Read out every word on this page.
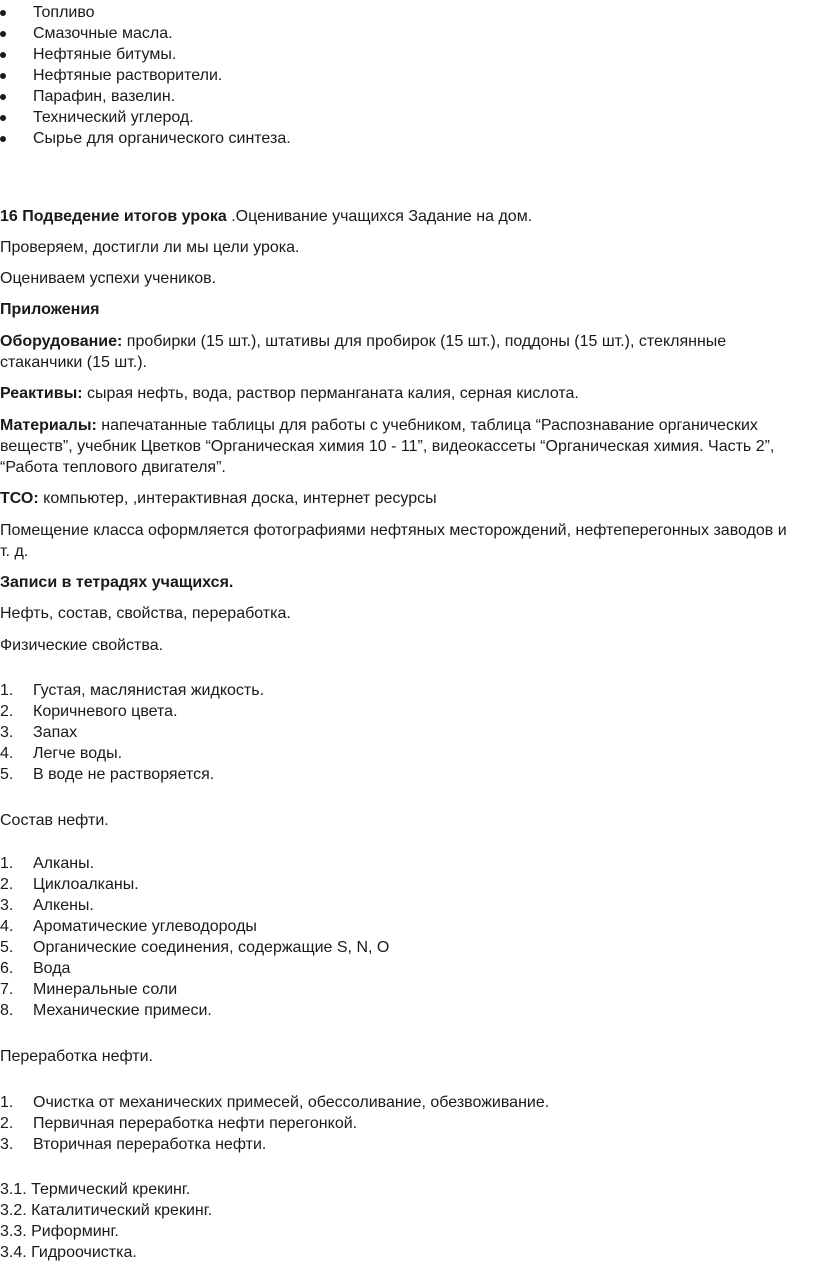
Топливо
Смазочные масла.
Нефтяные битумы.
Нефтяные растворители.
Парафин, вазелин.
Технический углерод.
Сырье для органического синтеза.

16 Подведение итогов урока .Оценивание учащихся Задание на дом.

Проверяем, достигли ли мы цели урока.

Оцениваем успехи учеников.

Приложения

Оборудование: пробирки (15 шт.), штативы для пробирок (15 шт.), поддоны (15 шт.), стеклянные стаканчики (15 шт.).

Реактивы: сырая нефть, вода, раствор перманганата калия, серная кислота.

Материалы: напечатанные таблицы для работы с учебником, таблица “Распознавание органических веществ”, учебник Цветков “Органическая химия 10 - 11”, видеокассеты “Органическая химия. Часть 2”, “Работа теплового двигателя”.

ТСО: компьютер, ,интерактивная доска, интернет ресурсы

Помещение класса оформляется фотографиями нефтяных месторождений, нефтеперегонных заводов и т. д.

Записи в тетрадях учащихся.

Нефть, состав, свойства, переработка.

Физические свойства.

1. Густая, маслянистая жидкость.
2. Коричневого цвета.
3. Запах
4. Легче воды.
5. В воде не растворяется.

Состав нефти.

1. Алканы.
2. Циклоалканы.
3. Алкены.
4. Ароматические углеводороды
5. Органические соединения, содержащие S, N, O
6. Вода
7. Минеральные соли
8. Механические примеси.

Переработка нефти.

1. Очистка от механических примесей, обессоливание, обезвоживание.
2. Первичная переработка нефти перегонкой.
3. Вторичная переработка нефти.

3.1. Термический крекинг.

3.2. Каталитический крекинг.

3.3. Риформинг.

3.4. Гидроочистка.
